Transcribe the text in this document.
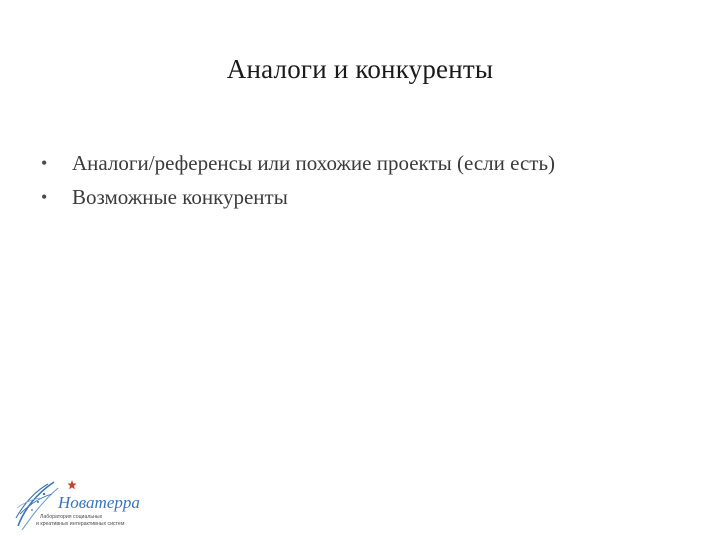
Аналоги и конкуренты
• Аналоги/референсы или похожие проекты (если есть)
• Возможные конкуренты
Новатерра
Лаборатория социальных
и креативных интерактивных систем
